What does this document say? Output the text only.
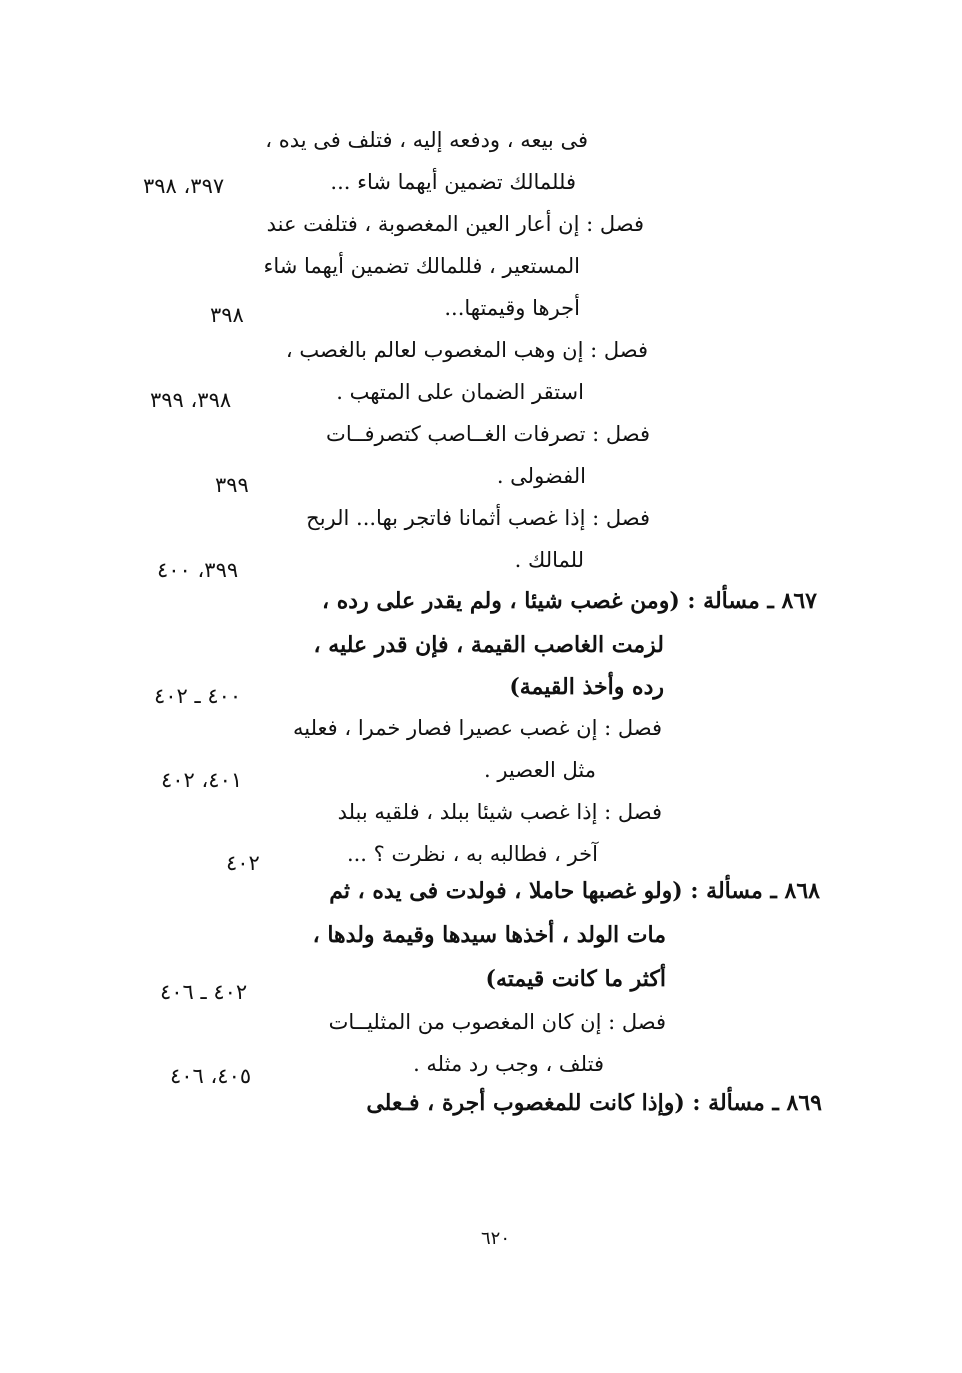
فى بيعه ، ودفعه إليه ، فتلف فى يده ،
فللمالك تضمين أيهما شاء ...
٣٩٧، ٣٩٨
فصل : إن أعار العين المغصوبة ، فتلفت عند
المستعير ، فللمالك تضمين أيهما شاء
أجرها وقيمتها...
٣٩٨
فصل : إن وهب المغصوب لعالم بالغصب ،
استقر الضمان على المتهب .
٣٩٨، ٣٩٩
فصل : تصرفات الغــاصب كتصرفــات
الفضولى .
٣٩٩
فصل : إذا غصب أثمانا فاتجر بها... الربح
للمالك .
٣٩٩، ٤٠٠
٨٦٧ ـ مسألة : (ومن غصب شيئا ، ولم يقدر على رده ،
لزمت الغاصب القيمة ، فإن قدر عليه ،
رده وأخذ القيمة)
٤٠٠ ـ ٤٠٢
فصل : إن غصب عصيرا فصار خمرا ، فعليه
مثل العصير .
٤٠١، ٤٠٢
فصل : إذا غصب شيئا ببلد ، فلقيه ببلد
آخر ، فطالبه به ، نظرت ؟ ...
٤٠٢
٨٦٨ ـ مسألة : (ولو غصبها حاملا ، فولدت فى يده ، ثم
مات الولد ، أخذها سيدها وقيمة ولدها ،
أكثر ما كانت قيمته)
٤٠٢ ـ ٤٠٦
فصل : إن كان المغصوب من المثليــات
فتلف ، وجب رد مثله .
٤٠٥، ٤٠٦
٨٦٩ ـ مسألة : (وإذا كانت للمغصوب أجرة ، فـعلى
٦٢٠
